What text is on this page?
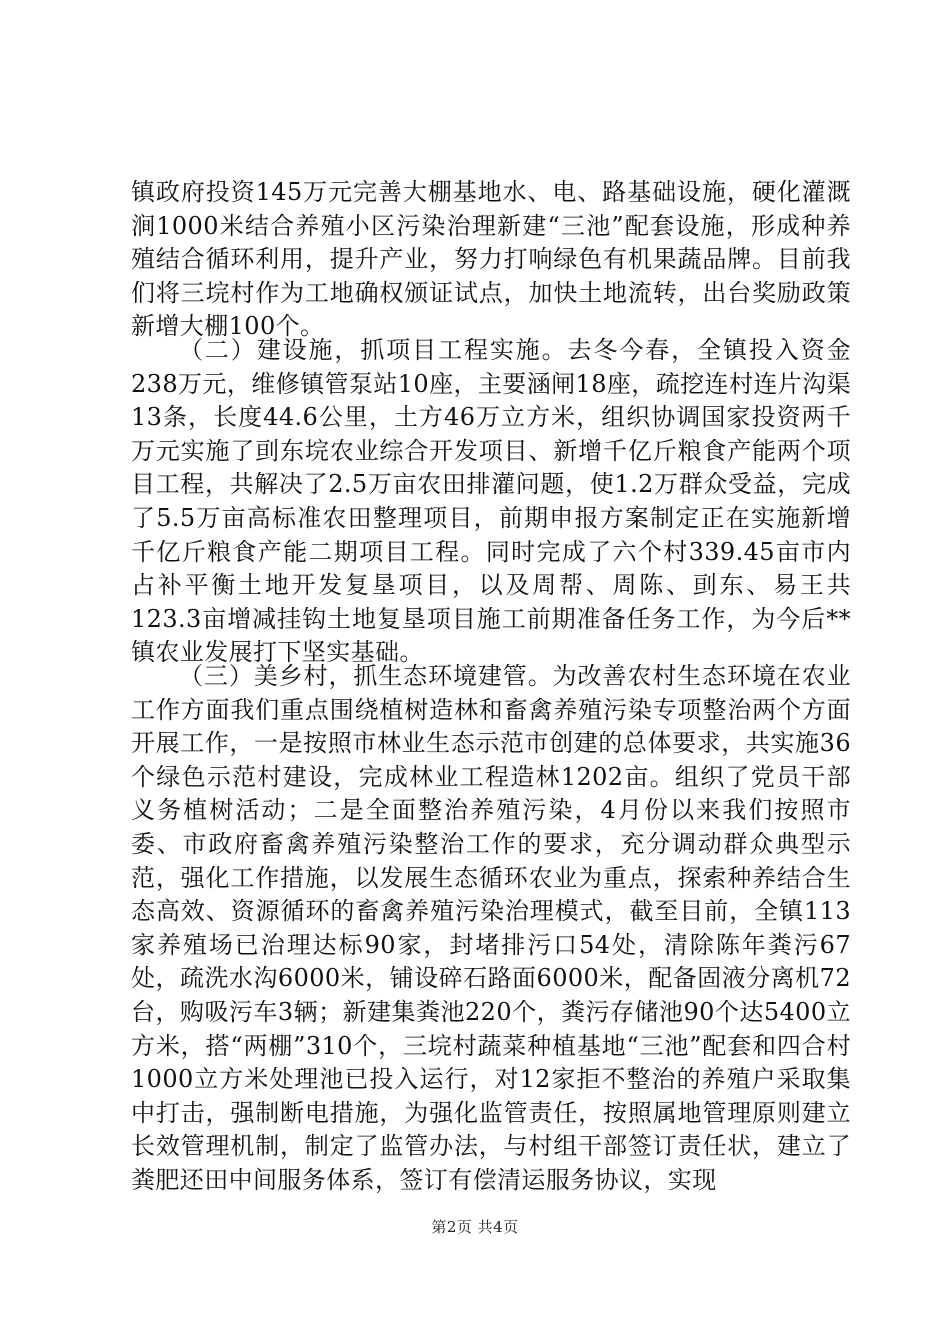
镇政府投资145万元完善大棚基地水、电、路基础设施，硬化灌溉涧1000米结合养殖小区污染治理新建“三池”配套设施，形成种养殖结合循环利用，提升产业，努力打响绿色有机果蔬品牌。目前我们将三垸村作为工地确权颁证试点，加快土地流转，出台奖励政策新增大棚100个。

（二）建设施，抓项目工程实施。去冬今春，全镇投入资金238万元，维修镇管泵站10座，主要涵闸18座，疏挖连村连片沟渠13条，长度44.6公里，土方46万立方米，组织协调国家投资两千万元实施了刯东垸农业综合开发项目、新增千亿斤粮食产能两个项目工程，共解决了2.5万亩农田排灌问题，使1.2万群众受益，完成了5.5万亩高标准农田整理项目，前期申报方案制定正在实施新增千亿斤粮食产能二期项目工程。同时完成了六个村339.45亩市内占补平衡土地开发复垦项目，以及周帮、周陈、刯东、易王共123.3亩增减挂钩土地复垦项目施工前期准备任务工作，为今后**镇农业发展打下坚实基础。

（三）美乡村，抓生态环境建管。为改善农村生态环境在农业工作方面我们重点围绕植树造林和畜禽养殖污染专项整治两个方面开展工作，一是按照市林业生态示范市创建的总体要求，共实施36个绿色示范村建设，完成林业工程造林1202亩。组织了党员干部义务植树活动；二是全面整治养殖污染，4月份以来我们按照市委、市政府畜禽养殖污染整治工作的要求，充分调动群众典型示范，强化工作措施，以发展生态循环农业为重点，探索种养结合生态高效、资源循环的畜禽养殖污染治理模式，截至目前，全镇113家养殖场已治理达标90家，封堵排污口54处，清除陈年粪污67处，疏洗水沟6000米，铺设碎石路面6000米，配备固液分离机72台，购吸污车3辆；新建集粪池220个，粪污存储池90个达5400立方米，搭“两棚”310个，三垸村蔬菜种植基地“三池”配套和四合村1000立方米处理池已投入运行，对12家拒不整治的养殖户采取集中打击，强制断电措施，为强化监管责任，按照属地管理原则建立长效管理机制，制定了监管办法，与村组干部签订责任状，建立了粪肥还田中间服务体系，签订有偿清运服务协议，实现

第2页 共4页
